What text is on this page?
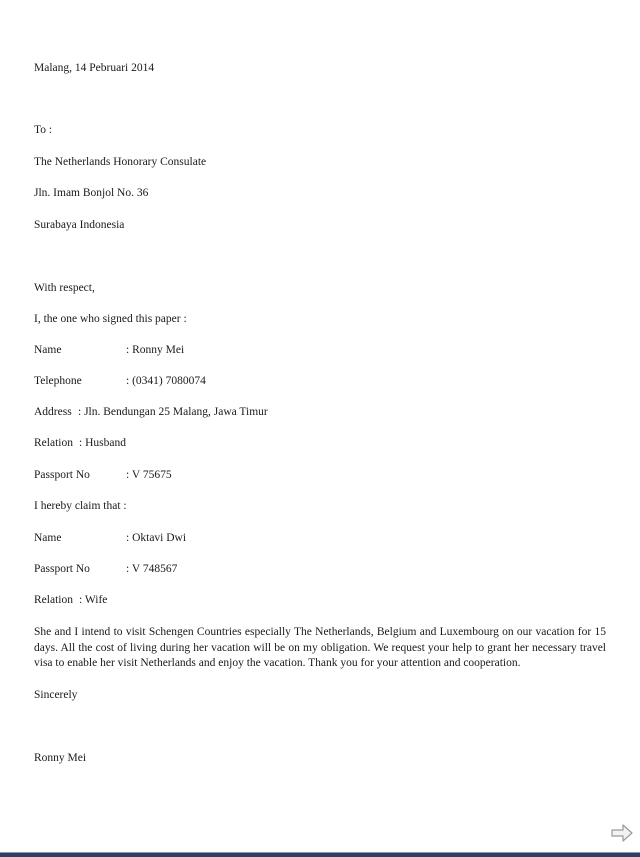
Malang, 14 Pebruari 2014
To :
The Netherlands Honorary Consulate
Jln. Imam Bonjol No. 36
Surabaya Indonesia
With respect,
I, the one who signed this paper :
Name	: Ronny Mei
Telephone	: (0341) 7080074
Address : Jln. Bendungan 25 Malang, Jawa Timur
Relation : Husband
Passport No	: V 75675
I hereby claim that :
Name	: Oktavi Dwi
Passport No	: V 748567
Relation : Wife
She and I intend to visit Schengen Countries especially The Netherlands, Belgium and Luxembourg on our vacation for 15 days. All the cost of living during her vacation will be on my obligation. We request your help to grant her necessary travel visa to enable her visit Netherlands and enjoy the vacation. Thank you for your attention and cooperation.
Sincerely
Ronny Mei
